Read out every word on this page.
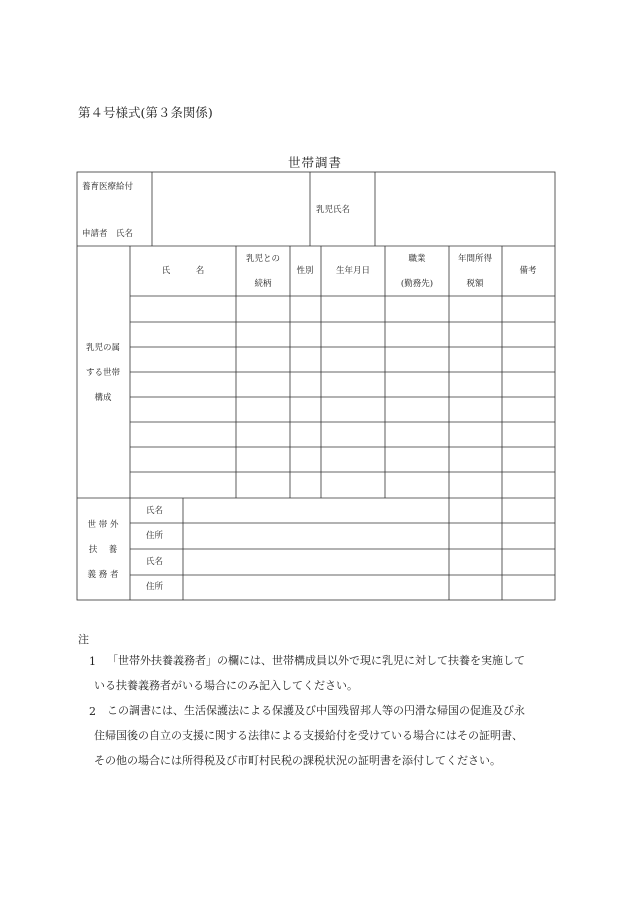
第４号様式(第３条関係)
世帯調書
養育医療給付
申請者　氏名
乳児氏名
氏　　　名
乳児との
続柄
性別	生年月日
職業
(勤務先)
年間所得
税額
備考
乳児の属
する世帯
構成
世 帯 外
扶　 養
義 務 者
氏名
住所
氏名
住所
注
1 「世帯外扶養義務者」の欄には、世帯構成員以外で現に乳児に対して扶養を実施して
いる扶養義務者がいる場合にのみ記入してください。
2 この調書には、生活保護法による保護及び中国残留邦人等の円滑な帰国の促進及び永
住帰国後の自立の支援に関する法律による支援給付を受けている場合にはその証明書、
その他の場合には所得税及び市町村民税の課税状況の証明書を添付してください。
